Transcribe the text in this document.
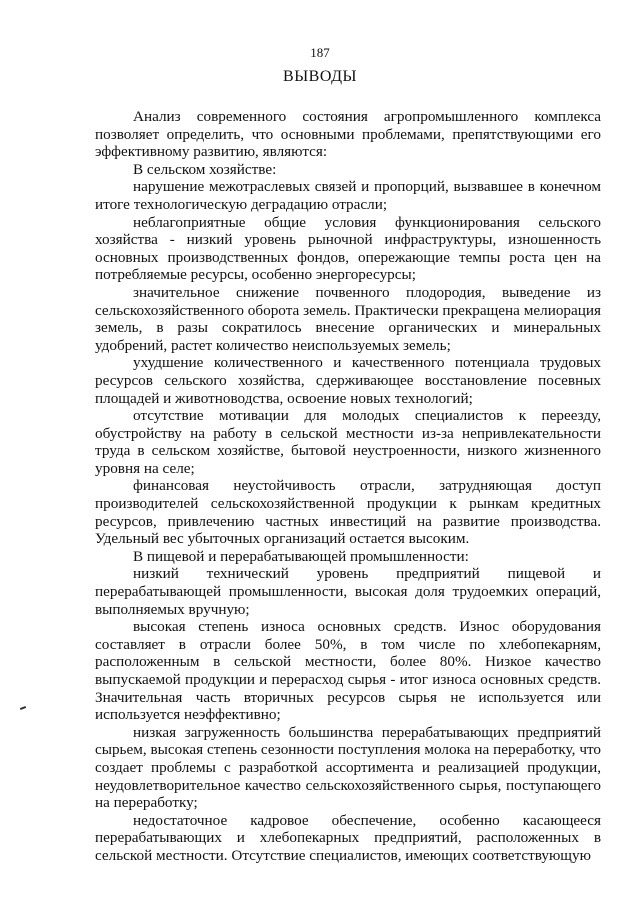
187
ВЫВОДЫ

Анализ современного состояния агропромышленного комплекса позволяет определить, что основными проблемами, препятствующими его эффективному развитию, являются:

В сельском хозяйстве:

нарушение межотраслевых связей и пропорций, вызвавшее в конечном итоге технологическую деградацию отрасли;

неблагоприятные общие условия функционирования сельского хозяйства - низкий уровень рыночной инфраструктуры, изношенность основных производственных фондов, опережающие темпы роста цен на потребляемые ресурсы, особенно энергоресурсы;

значительное снижение почвенного плодородия, выведение из сельскохозяйственного оборота земель. Практически прекращена мелиорация земель, в разы сократилось внесение органических и минеральных удобрений, растет количество неиспользуемых земель;

ухудшение количественного и качественного потенциала трудовых ресурсов сельского хозяйства, сдерживающее восстановление посевных площадей и животноводства, освоение новых технологий;

отсутствие мотивации для молодых специалистов к переезду, обустройству на работу в сельской местности из-за непривлекательности труда в сельском хозяйстве, бытовой неустроенности, низкого жизненного уровня на селе;

финансовая неустойчивость отрасли, затрудняющая доступ производителей сельскохозяйственной продукции к рынкам кредитных ресурсов, привлечению частных инвестиций на развитие производства. Удельный вес убыточных организаций остается высоким.

В пищевой и перерабатывающей промышленности:

низкий технический уровень предприятий пищевой и перерабатывающей промышленности, высокая доля трудоемких операций, выполняемых вручную;

высокая степень износа основных средств. Износ оборудования составляет в отрасли более 50%, в том числе по хлебопекарням, расположенным в сельской местности, более 80%. Низкое качество выпускаемой продукции и перерасход сырья - итог износа основных средств. Значительная часть вторичных ресурсов сырья не используется или используется неэффективно;

низкая загруженность большинства перерабатывающих предприятий сырьем, высокая степень сезонности поступления молока на переработку, что создает проблемы с разработкой ассортимента и реализацией продукции, неудовлетворительное качество сельскохозяйственного сырья, поступающего на переработку;

недостаточное кадровое обеспечение, особенно касающееся перерабатывающих и хлебопекарных предприятий, расположенных в сельской местности. Отсутствие специалистов, имеющих соответствующую
